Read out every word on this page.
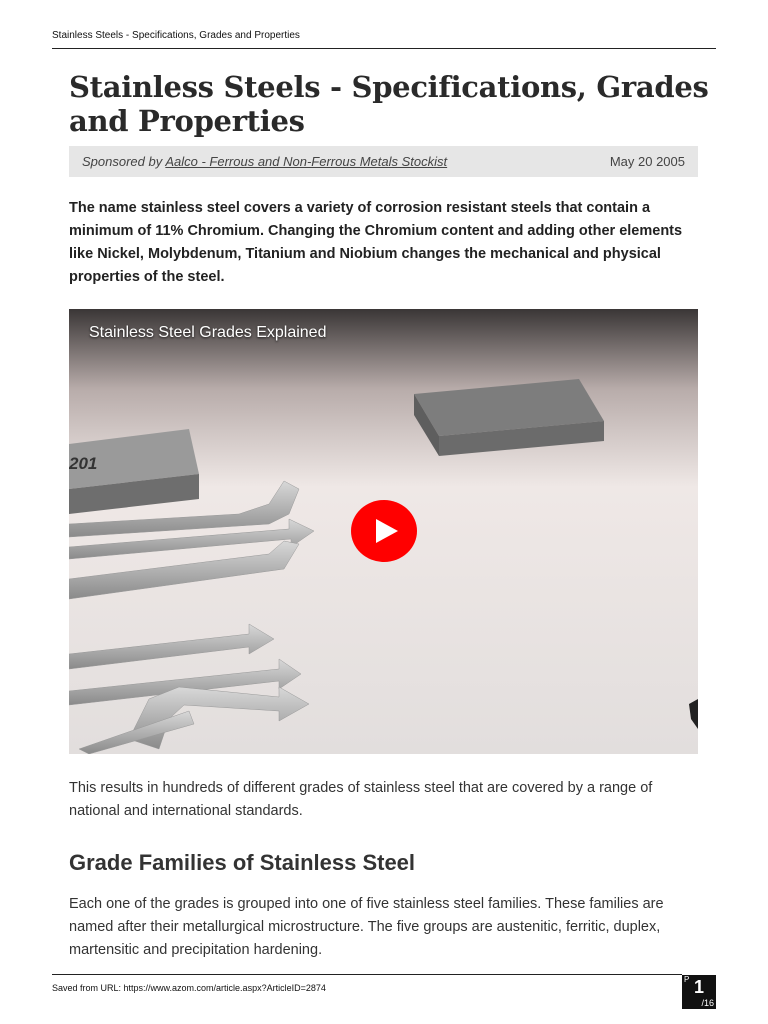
Stainless Steels - Specifications, Grades and Properties
Stainless Steels - Specifications, Grades and Properties
Sponsored by Aalco - Ferrous and Non-Ferrous Metals Stockist	May 20 2005

The name stainless steel covers a variety of corrosion resistant steels that contain a minimum of 11% Chromium. Changing the Chromium content and adding other elements like Nickel, Molybdenum, Titanium and Niobium changes the mechanical and physical properties of the steel.

201
Stainless Steel Grades Explained

This results in hundreds of different grades of stainless steel that are covered by a range of national and international standards.

Grade Families of Stainless Steel

Each one of the grades is grouped into one of five stainless steel families. These families are named after their metallurgical microstructure. The five groups are austenitic, ferritic, duplex, martensitic and precipitation hardening.

Saved from URL: https://www.azom.com/article.aspx?ArticleID=2874
P 1
/16
